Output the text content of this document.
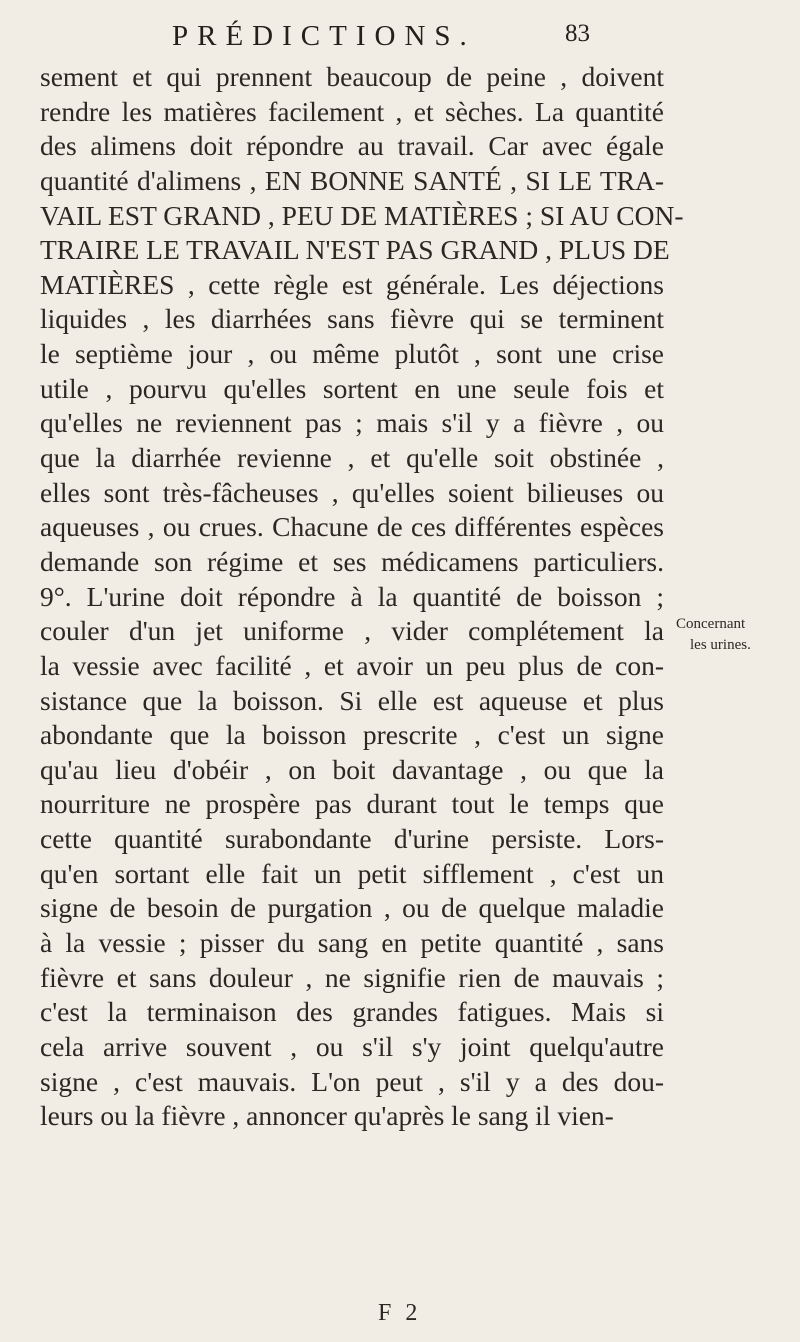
PRÉDICTIONS.	83
sement et qui prennent beaucoup de peine , doivent
rendre les matières facilement , et sèches. La quantité
des alimens doit répondre au travail. Car avec égale
quantité d'alimens , EN BONNE SANTÉ , SI LE TRA-
VAIL EST GRAND , PEU DE MATIÈRES ; SI AU CON-
TRAIRE LE TRAVAIL N'EST PAS GRAND , PLUS DE
MATIÈRES , cette règle est générale. Les déjections
liquides , les diarrhées sans fièvre qui se terminent
le septième jour , ou même plutôt , sont une crise
utile , pourvu qu'elles sortent en une seule fois et
qu'elles ne reviennent pas ; mais s'il y a fièvre , ou
que la diarrhée revienne , et qu'elle soit obstinée ,
elles sont très-fâcheuses , qu'elles soient bilieuses ou
aqueuses , ou crues. Chacune de ces différentes espèces
demande son régime et ses médicamens particuliers.
9°. L'urine doit répondre à la quantité de boisson ;
couler d'un jet uniforme , vider complétement la
la vessie avec facilité , et avoir un peu plus de con-
sistance que la boisson. Si elle est aqueuse et plus
abondante que la boisson prescrite , c'est un signe
qu'au lieu d'obéir , on boit davantage , ou que la
nourriture ne prospère pas durant tout le temps que
cette quantité surabondante d'urine persiste. Lors-
qu'en sortant elle fait un petit sifflement , c'est un
signe de besoin de purgation , ou de quelque maladie
à la vessie ; pisser du sang en petite quantité , sans
fièvre et sans douleur , ne signifie rien de mauvais ;
c'est la terminaison des grandes fatigues. Mais si
cela arrive souvent , ou s'il s'y joint quelqu'autre
signe , c'est mauvais. L'on peut , s'il y a des dou-
leurs ou la fièvre , annoncer qu'après le sang il vien-
Concernant
les urines.
F 2
